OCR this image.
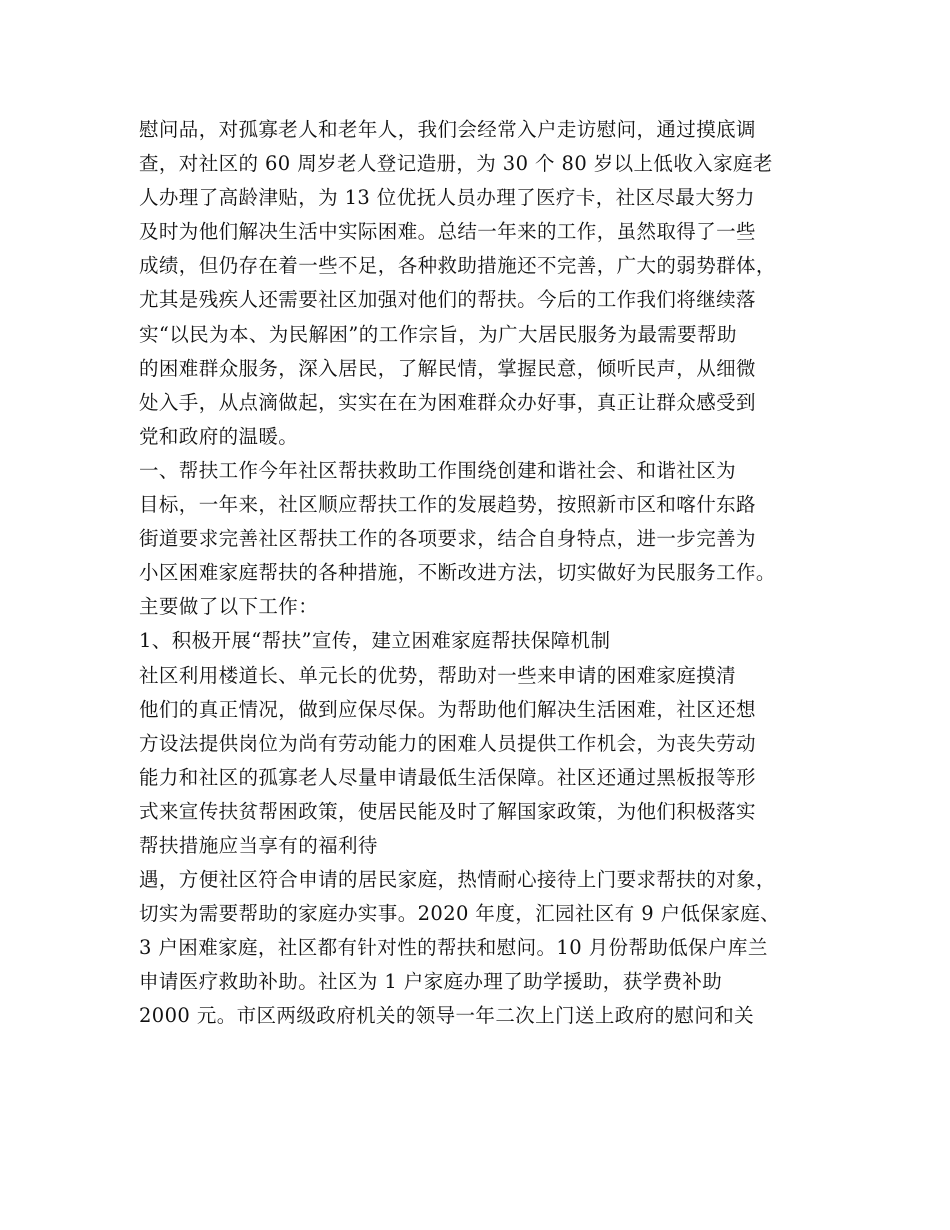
慰问品，对孤寡老人和老年人，我们会经常入户走访慰问，通过摸底调
查，对社区的 60 周岁老人登记造册，为 30 个 80 岁以上低收入家庭老
人办理了高龄津贴，为 13 位优抚人员办理了医疗卡，社区尽最大努力
及时为他们解决生活中实际困难。总结一年来的工作，虽然取得了一些
成绩，但仍存在着一些不足，各种救助措施还不完善，广大的弱势群体，
尤其是残疾人还需要社区加强对他们的帮扶。今后的工作我们将继续落
实“以民为本、为民解困”的工作宗旨，为广大居民服务为最需要帮助
的困难群众服务，深入居民，了解民情，掌握民意，倾听民声，从细微
处入手，从点滴做起，实实在在为困难群众办好事，真正让群众感受到
党和政府的温暖。
一、帮扶工作今年社区帮扶救助工作围绕创建和谐社会、和谐社区为
目标，一年来，社区顺应帮扶工作的发展趋势，按照新市区和喀什东路
街道要求完善社区帮扶工作的各项要求，结合自身特点，进一步完善为
小区困难家庭帮扶的各种措施，不断改进方法，切实做好为民服务工作。
主要做了以下工作：
1、积极开展“帮扶”宣传，建立困难家庭帮扶保障机制
社区利用楼道长、单元长的优势，帮助对一些来申请的困难家庭摸清
他们的真正情况，做到应保尽保。为帮助他们解决生活困难，社区还想
方设法提供岗位为尚有劳动能力的困难人员提供工作机会，为丧失劳动
能力和社区的孤寡老人尽量申请最低生活保障。社区还通过黑板报等形
式来宣传扶贫帮困政策，使居民能及时了解国家政策，为他们积极落实
帮扶措施应当享有的福利待
遇，方便社区符合申请的居民家庭，热情耐心接待上门要求帮扶的对象，
切实为需要帮助的家庭办实事。2020 年度，汇园社区有 9 户低保家庭、
3 户困难家庭，社区都有针对性的帮扶和慰问。10 月份帮助低保户库兰
申请医疗救助补助。社区为 1 户家庭办理了助学援助，获学费补助
2000 元。市区两级政府机关的领导一年二次上门送上政府的慰问和关
